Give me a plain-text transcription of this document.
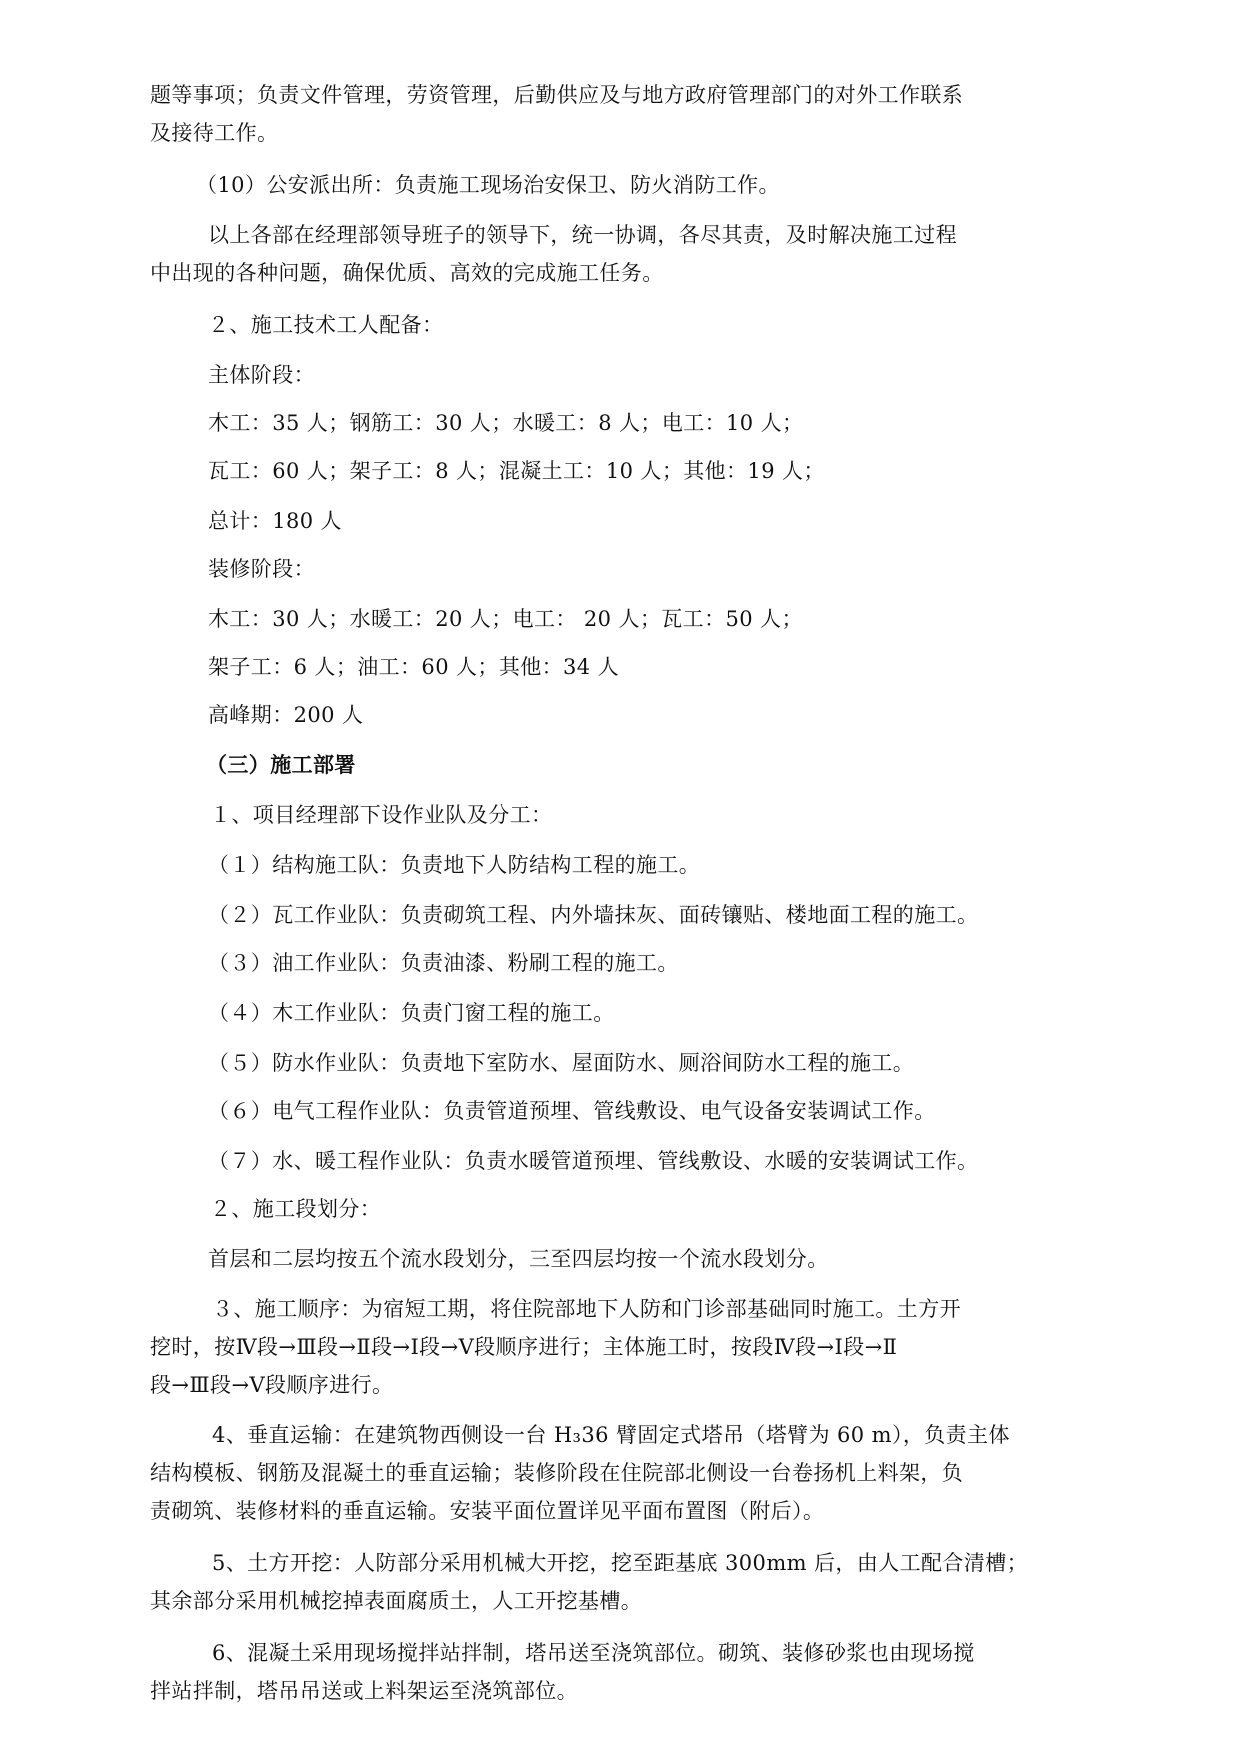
题等事项；负责文件管理，劳资管理，后勤供应及与地方政府管理部门的对外工作联系
及接待工作。
（10）公安派出所：负责施工现场治安保卫、防火消防工作。
以上各部在经理部领导班子的领导下，统一协调，各尽其责，及时解决施工过程
中出现的各种问题，确保优质、高效的完成施工任务。
２、施工技术工人配备：
主体阶段：
木工：35 人；钢筋工：30 人；水暖工：8 人；电工：10 人；
瓦工：60 人；架子工：8 人；混凝土工：10 人；其他：19 人；
总计：180 人
装修阶段：
木工：30 人；水暖工：20 人；电工： 20 人；瓦工：50 人；
架子工：6 人；油工：60 人；其他：34 人
高峰期：200 人
（三）施工部署
１、项目经理部下设作业队及分工：
（１）结构施工队：负责地下人防结构工程的施工。
（２）瓦工作业队：负责砌筑工程、内外墙抹灰、面砖镶贴、楼地面工程的施工。
（３）油工作业队：负责油漆、粉刷工程的施工。
（４）木工作业队：负责门窗工程的施工。
（５）防水作业队：负责地下室防水、屋面防水、厕浴间防水工程的施工。
（６）电气工程作业队：负责管道预埋、管线敷设、电气设备安装调试工作。
（７）水、暖工程作业队：负责水暖管道预埋、管线敷设、水暖的安装调试工作。
２、施工段划分：
首层和二层均按五个流水段划分，三至四层均按一个流水段划分。
３、施工顺序：为宿短工期，将住院部地下人防和门诊部基础同时施工。土方开
挖时，按Ⅳ段→Ⅲ段→Ⅱ段→Ⅰ段→Ⅴ段顺序进行；主体施工时，按段Ⅳ段→Ⅰ段→Ⅱ
段→Ⅲ段→Ⅴ段顺序进行。
4、垂直运输：在建筑物西侧设一台 H₃36 臂固定式塔吊（塔臂为 60 m），负责主体
结构模板、钢筋及混凝土的垂直运输；装修阶段在住院部北侧设一台卷扬机上料架，负
责砌筑、装修材料的垂直运输。安装平面位置详见平面布置图（附后）。
5、土方开挖：人防部分采用机械大开挖，挖至距基底 300mm 后，由人工配合清槽；
其余部分采用机械挖掉表面腐质土，人工开挖基槽。
6、混凝土采用现场搅拌站拌制，塔吊送至浇筑部位。砌筑、装修砂浆也由现场搅
拌站拌制，塔吊吊送或上料架运至浇筑部位。
